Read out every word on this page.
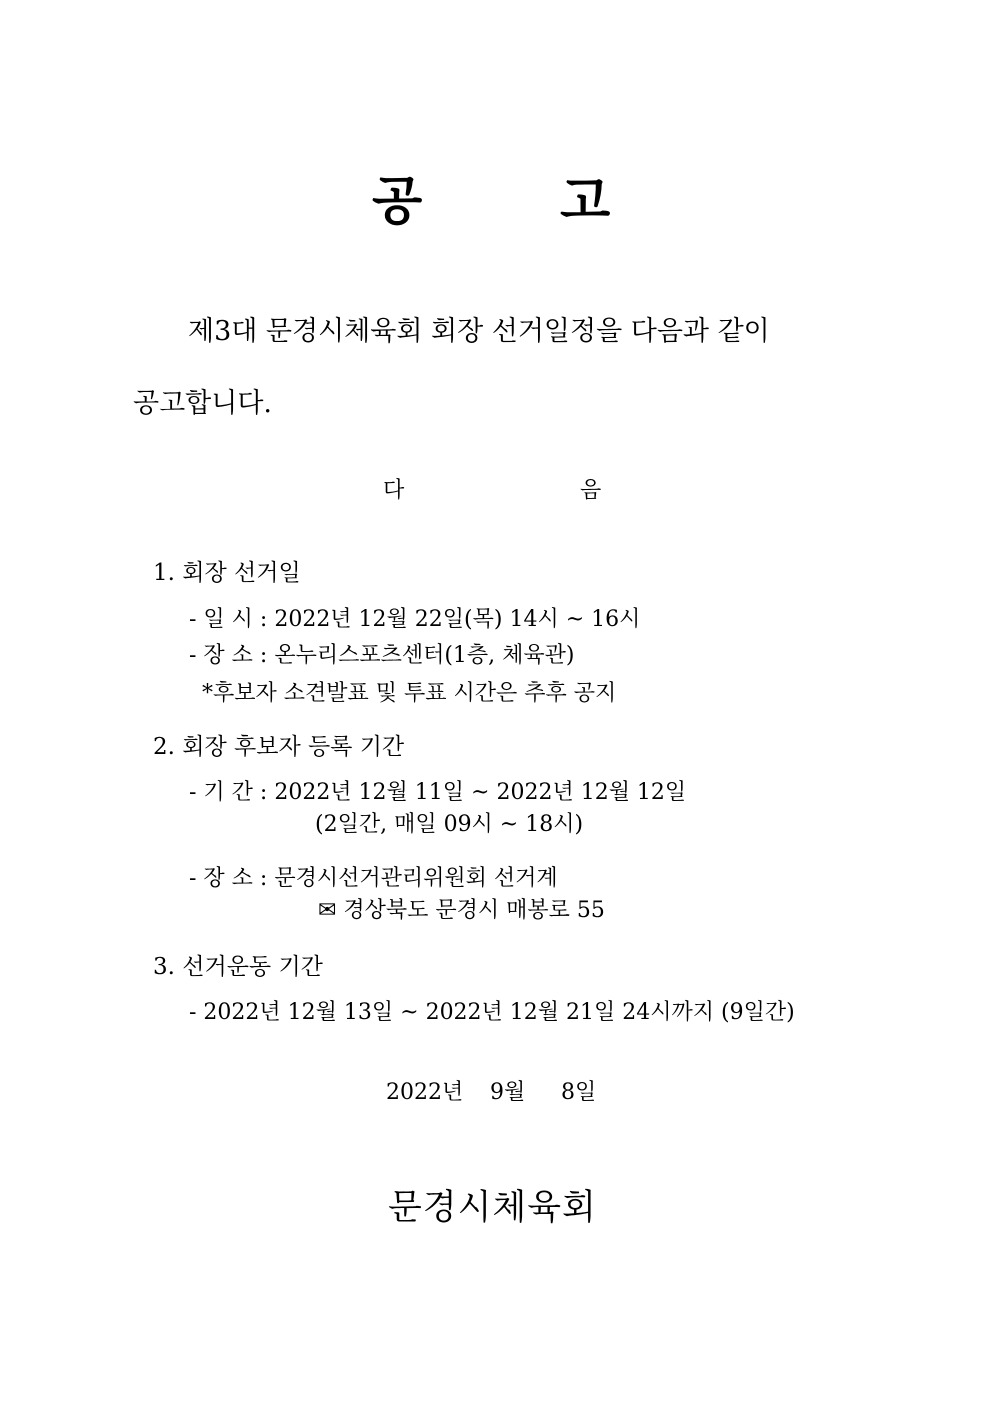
공	고
제3대 문경시체육회 회장 선거일정을 다음과 같이
공고합니다.
다	음
1. 회장 선거일
- 일 시 : 2022년 12월 22일(목) 14시 ~ 16시
- 장 소 : 온누리스포츠센터(1층, 체육관)
*후보자 소견발표 및 투표 시간은 추후 공지
2. 회장 후보자 등록 기간
- 기 간 : 2022년 12월 11일 ~ 2022년 12월 12일
(2일간, 매일 09시 ~ 18시)
- 장 소 : 문경시선거관리위원회 선거계
✉ 경상북도 문경시 매봉로 55
3. 선거운동 기간
- 2022년 12월 13일 ~ 2022년 12월 21일 24시까지 (9일간)
2022년 9월 8일
문경시체육회
